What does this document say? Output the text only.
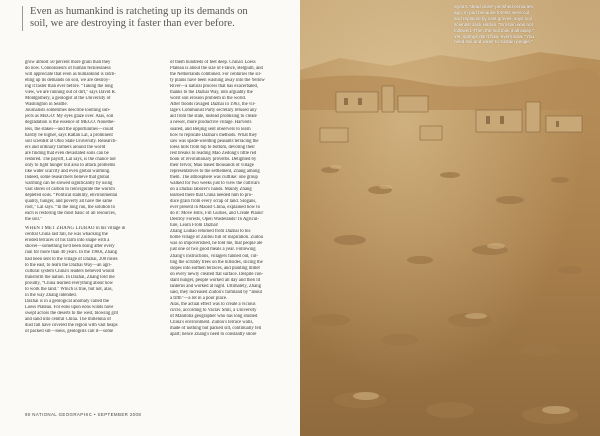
Even as humankind is ratcheting up its demands on
soil, we are destroying it faster than ever before.
grow almost 50 percent more grain than they
do now. Connoisseurs of human fecklessness
will appreciate that even as humankind is ratch-
eting up its demands on soil, we are destroy-
ing it faster than ever before. “Taking the long
view, we are running out of dirt,” says David R.
Montgomery, a geologist at the University of
Washington in Seattle.
Journalists sometimes describe looming sub-
jects as MEGO: My eyes glaze over. Alas, soil
degradation is the essence of MEGO. Nonethe-
less, the stakes—and the opportunities—could
hardly be higher, says Rattan Lal, a prominent
soil scientist at Ohio State University. Research-
ers and ordinary farmers around the world
are finding that even devastated soils can be
restored. The payoff, Lal says, is the chance not
only to fight hunger but also to attack problems
like water scarcity and even global warming.
Indeed, some researchers believe that global
warming can be slowed significantly by using
vast stores of carbon to reinvigorate the world's
depleted soils. “Political stability, environmental
quality, hunger, and poverty all have the same
root,” Lal says. “In the long run, the solution to
each is restoring the most basic of all resources,
the soil.”
WHEN I MET ZHANG LIUBAO in his village in
central China last fall, he was whacking the
eroded terraces of his farm into shape with a
shovel—something he'd been doing after every
rain for more than 40 years. In the 1960s, Zhang
had been sent to the village of Dazhai, 200 miles
to the east, to learn the Dazhai Way—an agri-
cultural system China's leaders believed would
transform the nation. In Dazhai, Zhang told me
proudly, “China learned everything about how
to work the land.” Which is true, but not, alas,
in the way Zhang intended.
Dazhai is in a geological anomaly called the
Loess Plateau. For eons upon eons winds have
swept across the deserts to the west, blowing grit
and sand into central China. The millennia of
dust fall have covered the region with vast heaps
of packed silt—loess, geologists call it—some
of them hundreds of feet deep. China's Loess
Plateau is about the size of France, Belgium, and
the Netherlands combined. For centuries the sil-
ty plains have been washing away into the Yellow
River—a natural process that has exacerbated,
thanks to the Dazhai Way, into arguably the
worst soil erosion problem in the world.
After floods ravaged Dazhai in 1963, the vil-
lage's Communist Party secretary refused any
aid from the state, instead promising to create
a newer, more productive village. Harvests
soared, and Beijing sent observers to learn
how to replicate Dazhai's methods. What they
saw was spade-wielding peasants terracing the
loess hills from top to bottom, devoting their
rest breaks to reading Mao Zedong's little red
book of revolutionary proverbs. Delighted by
their fervor, Mao based thousands of village
representatives to the settlement, Zhang among
them. The atmosphere was cultlike: one group
walked for two weeks just to view the cultivars
on a Dazhai laborer's hands. Mainly Zhang
learned there that China needed him to pro-
duce grain from every scrap of land. Slogans,
ever present in Maoist China, explained how to
do it: Move Hills, Fill Gullies, and Create Plains!
Destroy Forests, Open Wastelands! In Agricul-
ture, Learn From Dazhai!
Zhang Liubao returned from Dazhai to his
home village of Zuitou full of inspiration. Zuitou
was so impoverished, he told me, that people ate
just one or two good meals a year. Following
Zhang's instructions, villagers fanned out, cut-
ting the scrubby trees on the hillsides, slicing the
slopes into earthen terraces, and planting millet
on every newly created flat surface. Despite con-
stant hunger, people worked all day and then lit
lanterns and worked at night. Ultimately, Zhang
said, they increased Zuitou's farmland by “about
a fifth”—a lot in a poor place.
Alas, the actual effect was to create a vicious
circle, according to Vaclav Smil, a University
of Manitoba geographer who has long studied
China's environment. Zuitou's terrace walls,
made of nothing but packed silt, continually fell
apart; hence Zhang's need to constantly shore
90 NATIONAL GEOGRAPHIC • SEPTEMBER 2008
Syria's “dead cities” perished centuries
ago, in part because forests were cut
and replaced by vast groves, says soil
scientist Jack Harlan. “Erosion was not
followed. Then the soil took it all away.”
Yet, springs don't flow, rivers slow. “You
need soil and water to sustain people.”
